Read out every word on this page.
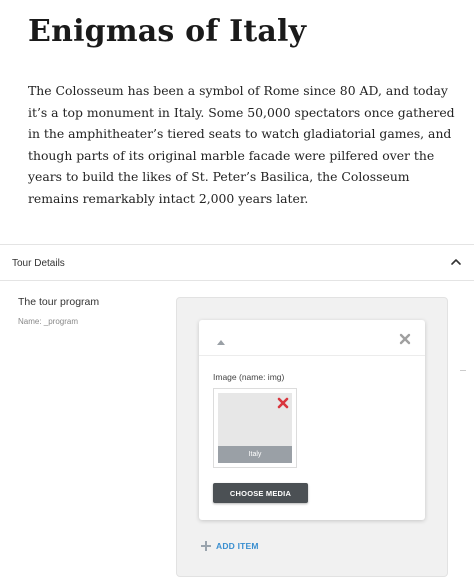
Enigmas of Italy

The Colosseum has been a symbol of Rome since 80 AD, and today it’s a top monument in Italy. Some 50,000 spectators once gathered in the amphitheater’s tiered seats to watch gladiatorial games, and though parts of its original marble facade were pilfered over the years to build the likes of St. Peter’s Basilica, the Colosseum remains remarkably intact 2,000 years later.

Tour Details
The tour program
Name: _program
Image (name: img)
Italy
CHOOSE MEDIA
ADD ITEM
